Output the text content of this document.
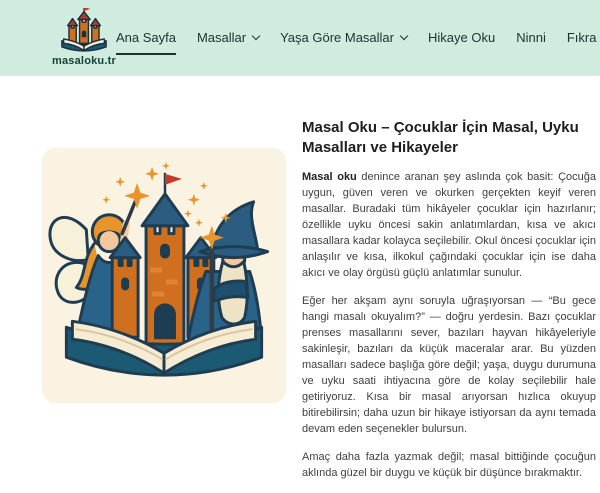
masaloku.tr
Ana Sayfa Masallar	Yaşa Göre Masallar	Hikaye Oku Ninni Fıkra
Masal Oku – Çocuklar İçin Masal, Uyku Masalları ve Hikayeler

Masal oku denince aranan şey aslında çok basit: Çocuğa uygun, güven veren ve okurken gerçekten keyif veren masallar. Buradaki tüm hikâyeler çocuklar için hazırlanır; özellikle uyku öncesi sakin anlatımlardan, kısa ve akıcı masallara kadar kolayca seçilebilir. Okul öncesi çocuklar için anlaşılır ve kısa, ilkokul çağındaki çocuklar için ise daha akıcı ve olay örgüsü güçlü anlatımlar sunulur.

Eğer her akşam aynı soruyla uğraşıyorsan — “Bu gece hangi masalı okuyalım?” — doğru yerdesin. Bazı çocuklar prenses masallarını sever, bazıları hayvan hikâyeleriyle sakinleşir, bazıları da küçük maceralar arar. Bu yüzden masalları sadece başlığa göre değil; yaşa, duygu durumuna ve uyku saati ihtiyacına göre de kolay seçilebilir hale getiriyoruz. Kısa bir masal arıyorsan hızlıca okuyup bitirebilirsin; daha uzun bir hikaye istiyorsan da aynı temada devam eden seçenekler bulursun.

Amaç daha fazla yazmak değil; masal bittiğinde çocuğun aklında güzel bir duygu ve küçük bir düşünce bırakmaktır.
